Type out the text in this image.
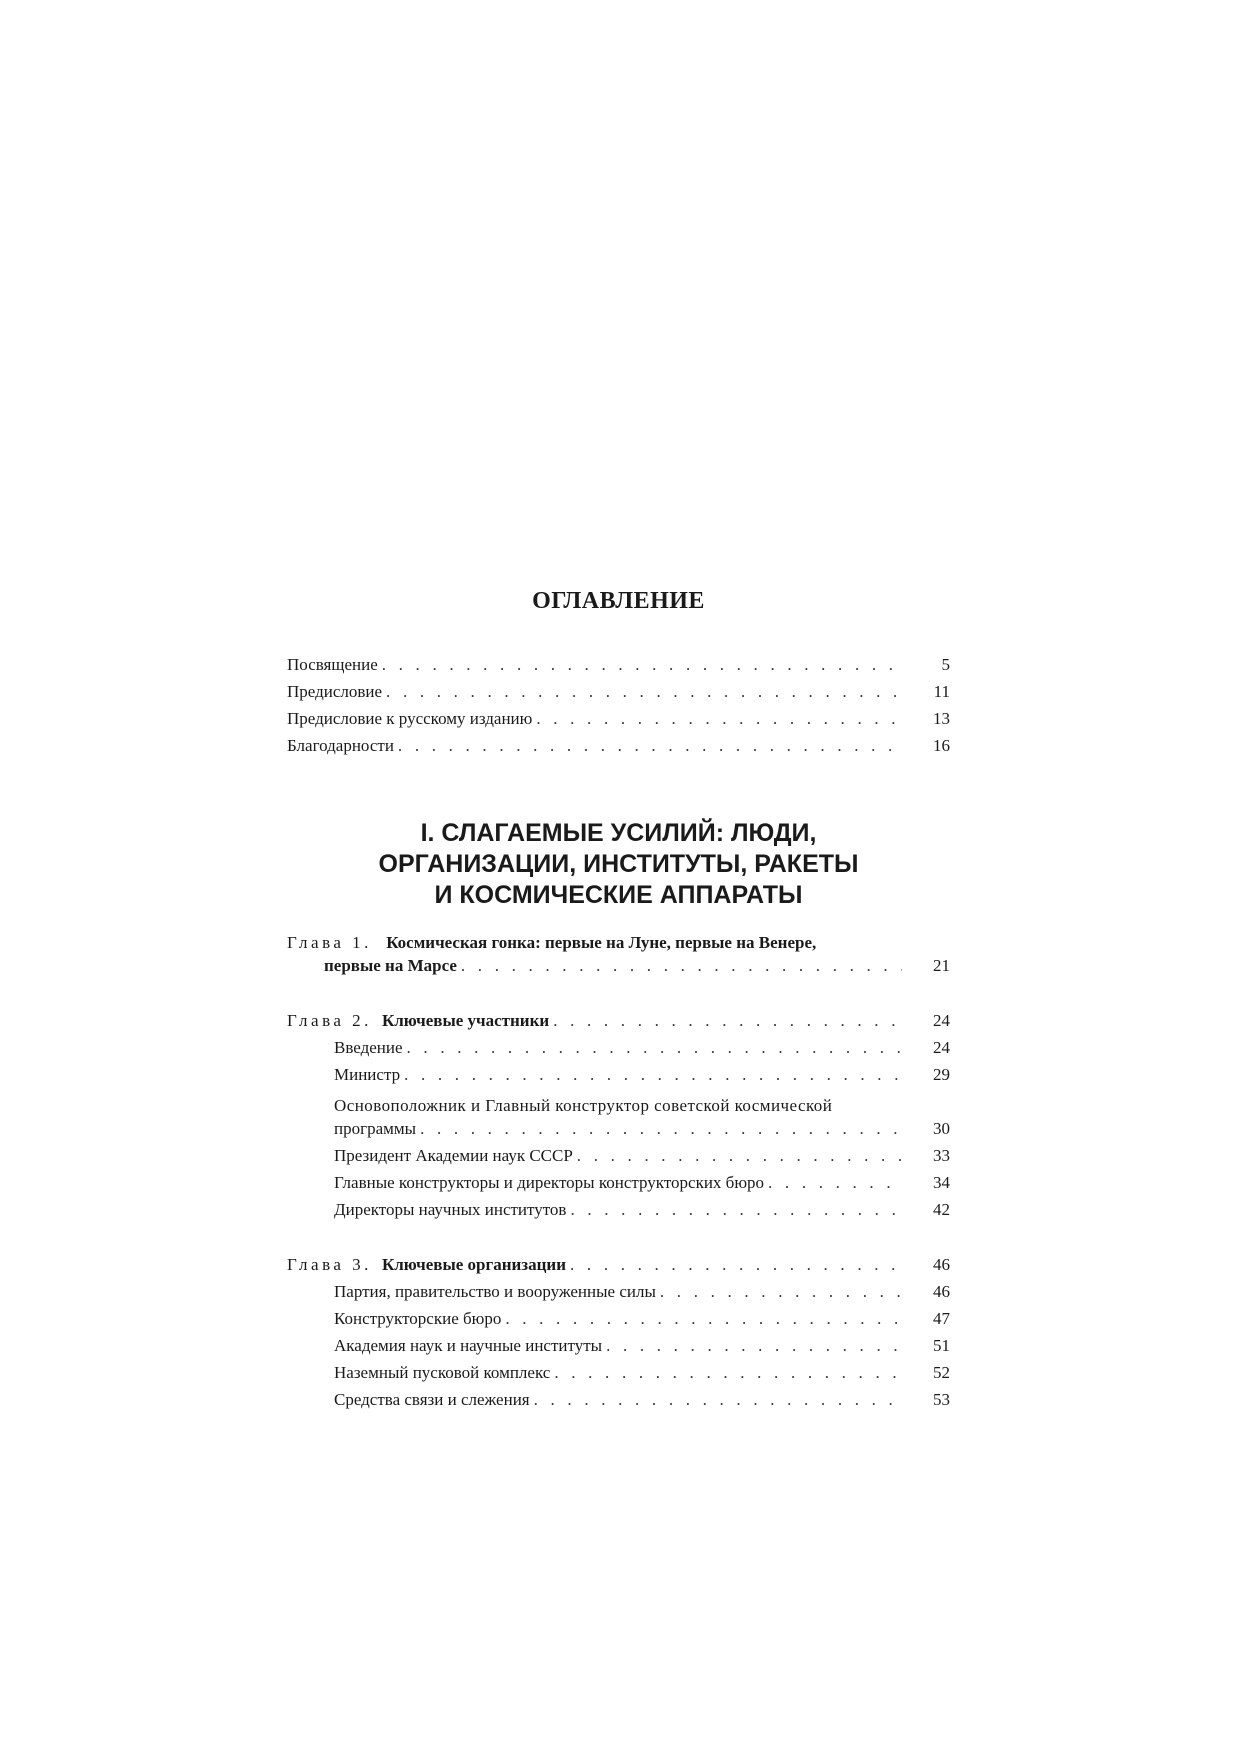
ОГЛАВЛЕНИЕ
Посвящение . . .	5
Предисловие . . .	11
Предисловие к русскому изданию . . .	13
Благодарности . . .	16
I. СЛАГАЕМЫЕ УСИЛИЙ: ЛЮДИ,
ОРГАНИЗАЦИИ, ИНСТИТУТЫ, РАКЕТЫ
И КОСМИЧЕСКИЕ АППАРАТЫ
Глава 1. Космическая гонка: первые на Луне, первые на Венере,
первые на Марсе . . .	21
Глава 2. Ключевые участники . . .	24
Введение . . .	24
Министр . . .	29
Основоположник и Главный конструктор советской космической
программы . . .	30
Президент Академии наук СССР . . .	33
Главные конструкторы и директоры конструкторских бюро . . .	34
Директоры научных институтов . . .	42
Глава 3. Ключевые организации . . .	46
Партия, правительство и вооруженные силы . . .	46
Конструкторские бюро . . .	47
Академия наук и научные институты . . .	51
Наземный пусковой комплекс . . .	52
Средства связи и слежения . . .	53
